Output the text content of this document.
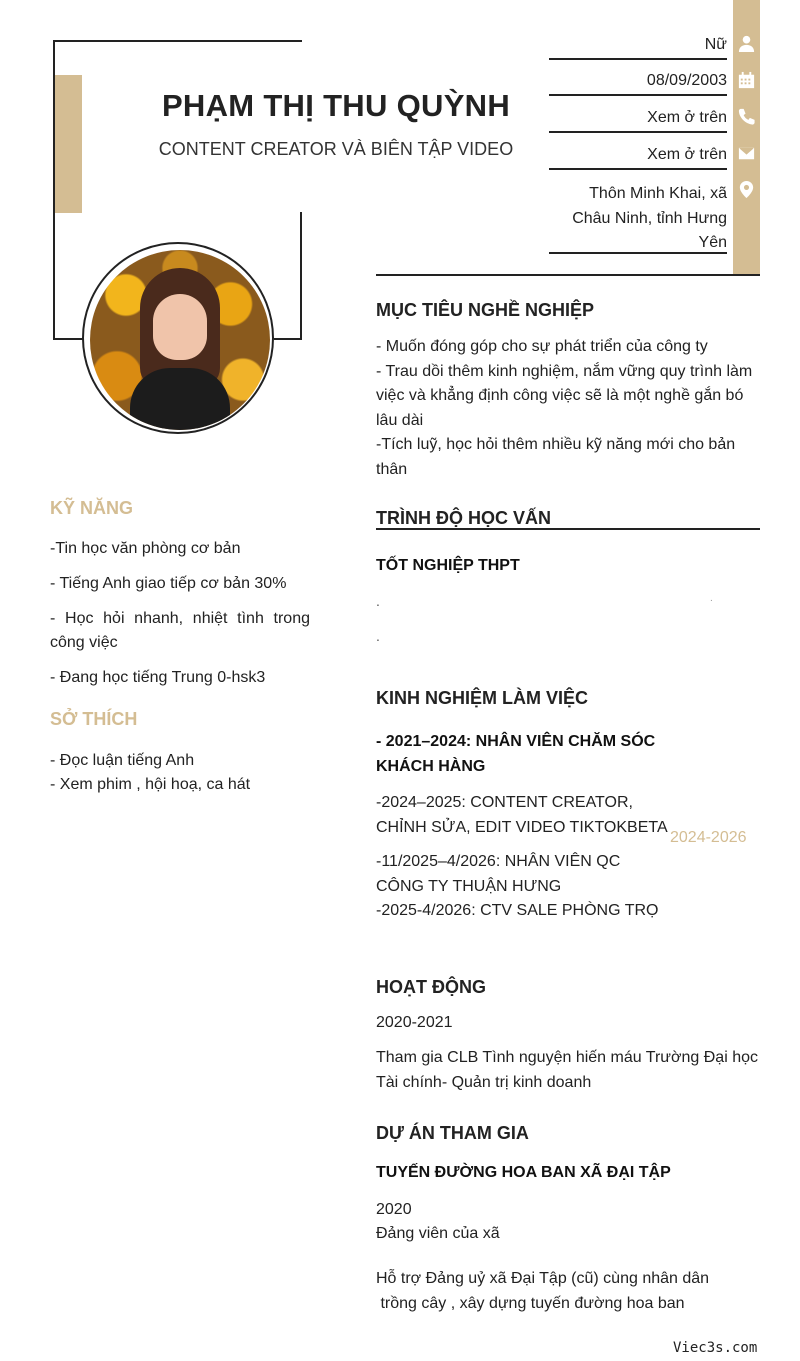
PHẠM THỊ THU QUỲNH
CONTENT CREATOR VÀ BIÊN TẬP VIDEO
Nữ
08/09/2003
Xem ở trên
Xem ở trên
Thôn Minh Khai, xã Châu Ninh, tỉnh Hưng Yên
MỤC TIÊU NGHỀ NGHIỆP
- Muốn đóng góp cho sự phát triển của công ty
- Trau dồi thêm kinh nghiệm, nắm vững quy trình làm việc và khẳng định công việc sẽ là một nghề gắn bó lâu dài
-Tích luỹ, học hỏi thêm nhiều kỹ năng mới cho bản thân
TRÌNH ĐỘ HỌC VẤN
TỐT NGHIỆP THPT
.	.
.
KINH NGHIỆM LÀM VIỆC
- 2021–2024: NHÂN VIÊN CHĂM SÓC KHÁCH HÀNG
-2024–2025: CONTENT CREATOR, CHỈNH SỬA, EDIT VIDEO TIKTOKBETA
2024-2026
-11/2025–4/2026: NHÂN VIÊN QC CÔNG TY THUẬN HƯNG
-2025-4/2026: CTV SALE PHÒNG TRỌ
HOẠT ĐỘNG
2020-2021
Tham gia CLB Tình nguyện hiến máu Trường Đại học Tài chính- Quản trị kinh doanh
DỰ ÁN THAM GIA
TUYẾN ĐƯỜNG HOA BAN XÃ ĐẠI TẬP
2020
Đảng viên của xã
Hỗ trợ Đảng uỷ xã Đại Tập (cũ) cùng nhân dân
trồng cây , xây dựng tuyến đường hoa ban
KỸ NĂNG
-Tin học văn phòng cơ bản
- Tiếng Anh giao tiếp cơ bản 30%
- Học hỏi nhanh, nhiệt tình trong công việc
- Đang học tiếng Trung 0-hsk3
SỞ THÍCH
- Đọc luận tiếng Anh
- Xem phim , hội hoạ, ca hát
Viec3s.com
